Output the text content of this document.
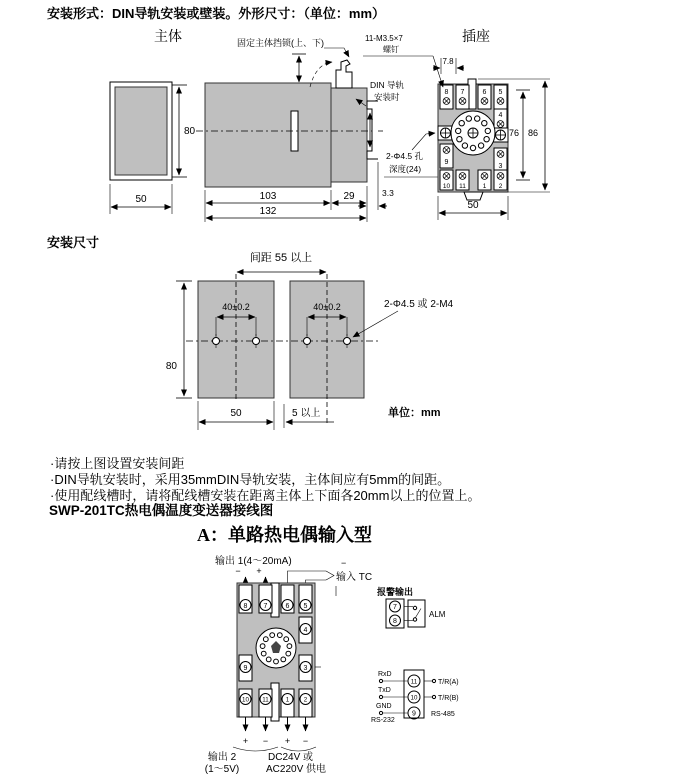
主体	插座
80
50
固定主体挡锁(上、下)
103	29
132
3.3
DIN 导轨
安装时
2-Φ4.5 孔
深度(24)
8 7	6 5
4
9
3
10 11	1 2
11-M3.5×7
螺钉
7.8
76 86
50
间距 55 以上
40±0.2	40±0.2
80
50	5 以上
2-Φ4.5 或 2-M4
单位：mm
输出 1(4～20mA)
− +
输入 TC
−
8 7	6 5
4
9	3
10 11	1 2
+ − + −
输出 2
(1～5V)
DC24V 或
AC220V 供电
报警输出
7
8
ALM
11
10
9
RxD
TxD
GND
RS-232
T/R(A)
T/R(B)
RS-485
安装形式：DIN导轨安装或壁装。外形尺寸：（单位：mm）
安装尺寸
·请按上图设置安装间距
·DIN导轨安装时，采用35mmDIN导轨安装，主体间应有5mm的间距。
·使用配线槽时，请将配线槽安装在距离主体上下面各20mm以上的位置上。
SWP-201TC热电偶温度变送器接线图
A：单路热电偶输入型
